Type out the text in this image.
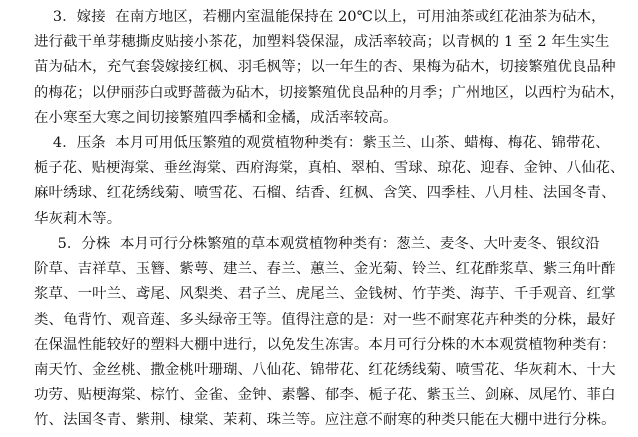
3．嫁接  在南方地区，若棚内室温能保持在 20℃以上，可用油茶或红花油茶为砧木，
进行截干单芽穗撕皮贴接小茶花，加塑料袋保湿，成活率较高；以青枫的 1 至 2 年生实生
苗为砧木，充气套袋嫁接红枫、羽毛枫等；以一年生的杏、果梅为砧木，切接繁殖优良品种
的梅花；以伊丽莎白或野蔷薇为砧木，切接繁殖优良品种的月季；广州地区，以西柠为砧木，
在小寒至大寒之间切接繁殖四季橘和金橘，成活率较高。
4．压条  本月可用低压繁殖的观赏植物种类有：紫玉兰、山茶、蜡梅、梅花、锦带花、
栀子花、贴梗海棠、垂丝海棠、西府海棠，真柏、翠柏、雪球、琼花、迎春、金钟、八仙花、
麻叶绣球、红花绣线菊、喷雪花、石榴、结香、红枫、含笑、四季桂、八月桂、法国冬青、
华灰莉木等。
5．分株  本月可行分株繁殖的草本观赏植物种类有：葱兰、麦冬、大叶麦冬、银纹沿
阶草、吉祥草、玉簪、紫萼、建兰、春兰、蕙兰、金光菊、铃兰、红花酢浆草、紫三角叶酢
浆草、一叶兰、鸢尾、风梨类、君子兰、虎尾兰、金钱树、竹芋类、海芋、千手观音、红掌
类、龟背竹、观音莲、多头绿帝王等。值得注意的是：对一些不耐寒花卉种类的分株，最好
在保温性能较好的塑料大棚中进行，以免发生冻害。本月可行分株的木本观赏植物种类有：
南天竹、金丝桃、撒金桃叶珊瑚、八仙花、锦带花、红花绣线菊、喷雪花、华灰莉木、十大
功劳、贴梗海棠、棕竹、金雀、金钟、素馨、郁李、栀子花、紫玉兰、剑麻、凤尾竹、菲白
竹、法国冬青、紫荆、棣棠、茉莉、珠兰等。应注意不耐寒的种类只能在大棚中进行分株。
